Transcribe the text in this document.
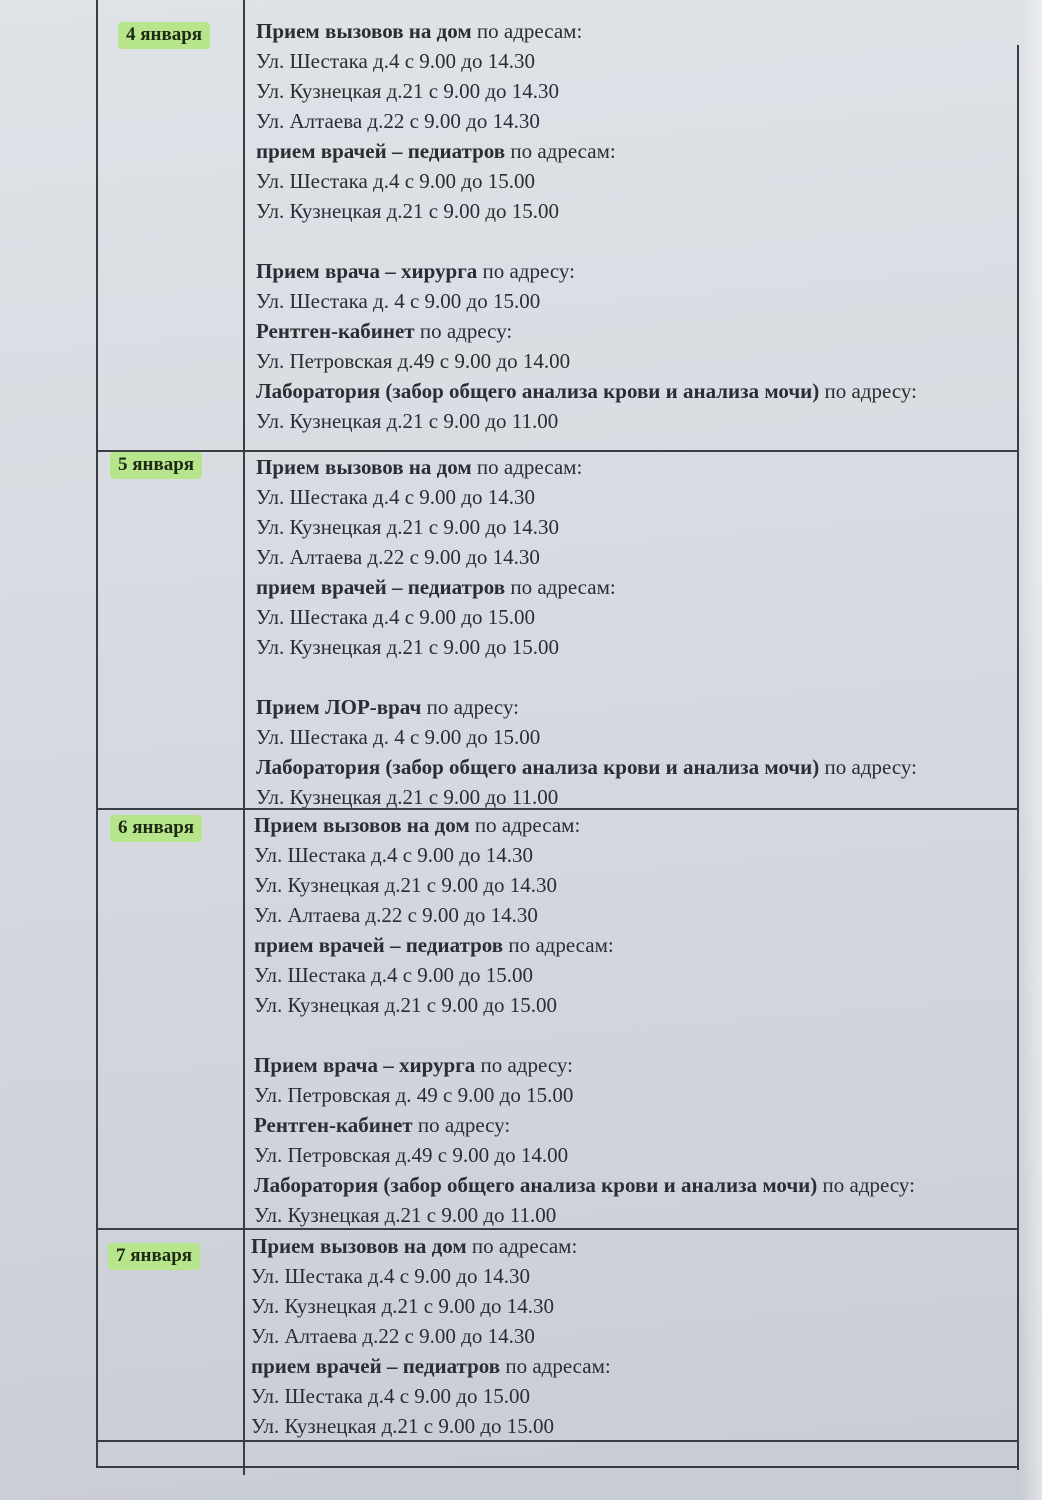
4 января	Прием вызовов на дом по адресам:
Ул. Шестака д.4 с 9.00 до 14.30
Ул. Кузнецкая д.21 с 9.00 до 14.30
Ул. Алтаева д.22 с 9.00 до 14.30
прием врачей – педиатров по адресам:
Ул. Шестака д.4 с 9.00 до 15.00
Ул. Кузнецкая д.21 с 9.00 до 15.00
Прием врача – хирурга по адресу:
Ул. Шестака д. 4 с 9.00 до 15.00
Рентген-кабинет по адресу:
Ул. Петровская д.49 с 9.00 до 14.00
Лаборатория (забор общего анализа крови и анализа мочи) по адресу:
Ул. Кузнецкая д.21 с 9.00 до 11.00
5 января	Прием вызовов на дом по адресам:
Ул. Шестака д.4 с 9.00 до 14.30
Ул. Кузнецкая д.21 с 9.00 до 14.30
Ул. Алтаева д.22 с 9.00 до 14.30
прием врачей – педиатров по адресам:
Ул. Шестака д.4 с 9.00 до 15.00
Ул. Кузнецкая д.21 с 9.00 до 15.00
Прием ЛОР-врач по адресу:
Ул. Шестака д. 4 с 9.00 до 15.00
Лаборатория (забор общего анализа крови и анализа мочи) по адресу:
Ул. Кузнецкая д.21 с 9.00 до 11.00
6 января	Прием вызовов на дом по адресам:
Ул. Шестака д.4 с 9.00 до 14.30
Ул. Кузнецкая д.21 с 9.00 до 14.30
Ул. Алтаева д.22 с 9.00 до 14.30
прием врачей – педиатров по адресам:
Ул. Шестака д.4 с 9.00 до 15.00
Ул. Кузнецкая д.21 с 9.00 до 15.00
Прием врача – хирурга по адресу:
Ул. Петровская д. 49 с 9.00 до 15.00
Рентген-кабинет по адресу:
Ул. Петровская д.49 с 9.00 до 14.00
Лаборатория (забор общего анализа крови и анализа мочи) по адресу:
Ул. Кузнецкая д.21 с 9.00 до 11.00
7 января	Прием вызовов на дом по адресам:
Ул. Шестака д.4 с 9.00 до 14.30
Ул. Кузнецкая д.21 с 9.00 до 14.30
Ул. Алтаева д.22 с 9.00 до 14.30
прием врачей – педиатров по адресам:
Ул. Шестака д.4 с 9.00 до 15.00
Ул. Кузнецкая д.21 с 9.00 до 15.00
